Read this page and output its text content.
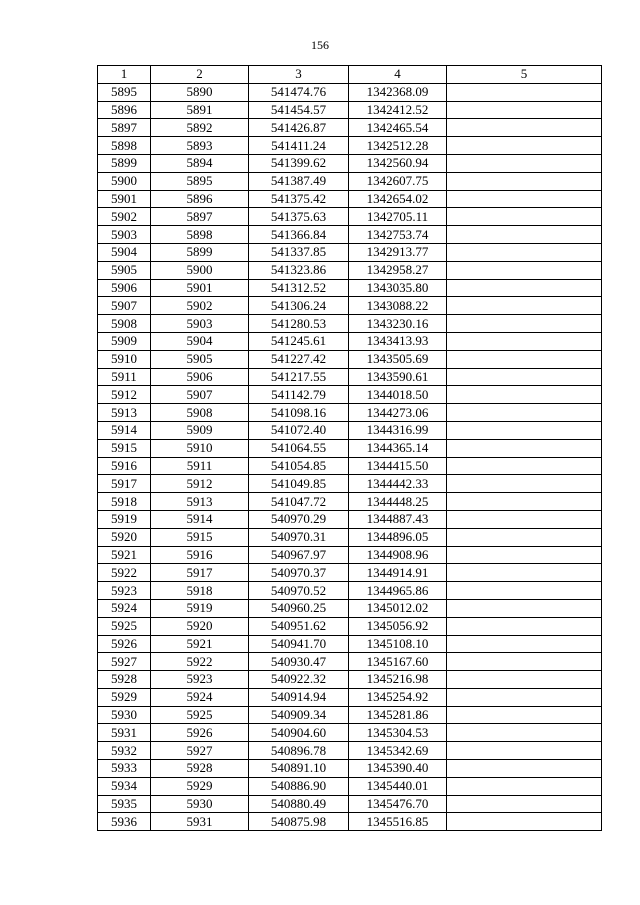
156
1	2	3	4	5
5895	5890	541474.76	1342368.09	
5896	5891	541454.57	1342412.52	
5897	5892	541426.87	1342465.54	
5898	5893	541411.24	1342512.28	
5899	5894	541399.62	1342560.94	
5900	5895	541387.49	1342607.75	
5901	5896	541375.42	1342654.02	
5902	5897	541375.63	1342705.11	
5903	5898	541366.84	1342753.74	
5904	5899	541337.85	1342913.77	
5905	5900	541323.86	1342958.27	
5906	5901	541312.52	1343035.80	
5907	5902	541306.24	1343088.22	
5908	5903	541280.53	1343230.16	
5909	5904	541245.61	1343413.93	
5910	5905	541227.42	1343505.69	
5911	5906	541217.55	1343590.61	
5912	5907	541142.79	1344018.50	
5913	5908	541098.16	1344273.06	
5914	5909	541072.40	1344316.99	
5915	5910	541064.55	1344365.14	
5916	5911	541054.85	1344415.50	
5917	5912	541049.85	1344442.33	
5918	5913	541047.72	1344448.25	
5919	5914	540970.29	1344887.43	
5920	5915	540970.31	1344896.05	
5921	5916	540967.97	1344908.96	
5922	5917	540970.37	1344914.91	
5923	5918	540970.52	1344965.86	
5924	5919	540960.25	1345012.02	
5925	5920	540951.62	1345056.92	
5926	5921	540941.70	1345108.10	
5927	5922	540930.47	1345167.60	
5928	5923	540922.32	1345216.98	
5929	5924	540914.94	1345254.92	
5930	5925	540909.34	1345281.86	
5931	5926	540904.60	1345304.53	
5932	5927	540896.78	1345342.69	
5933	5928	540891.10	1345390.40	
5934	5929	540886.90	1345440.01	
5935	5930	540880.49	1345476.70	
5936	5931	540875.98	1345516.85	
